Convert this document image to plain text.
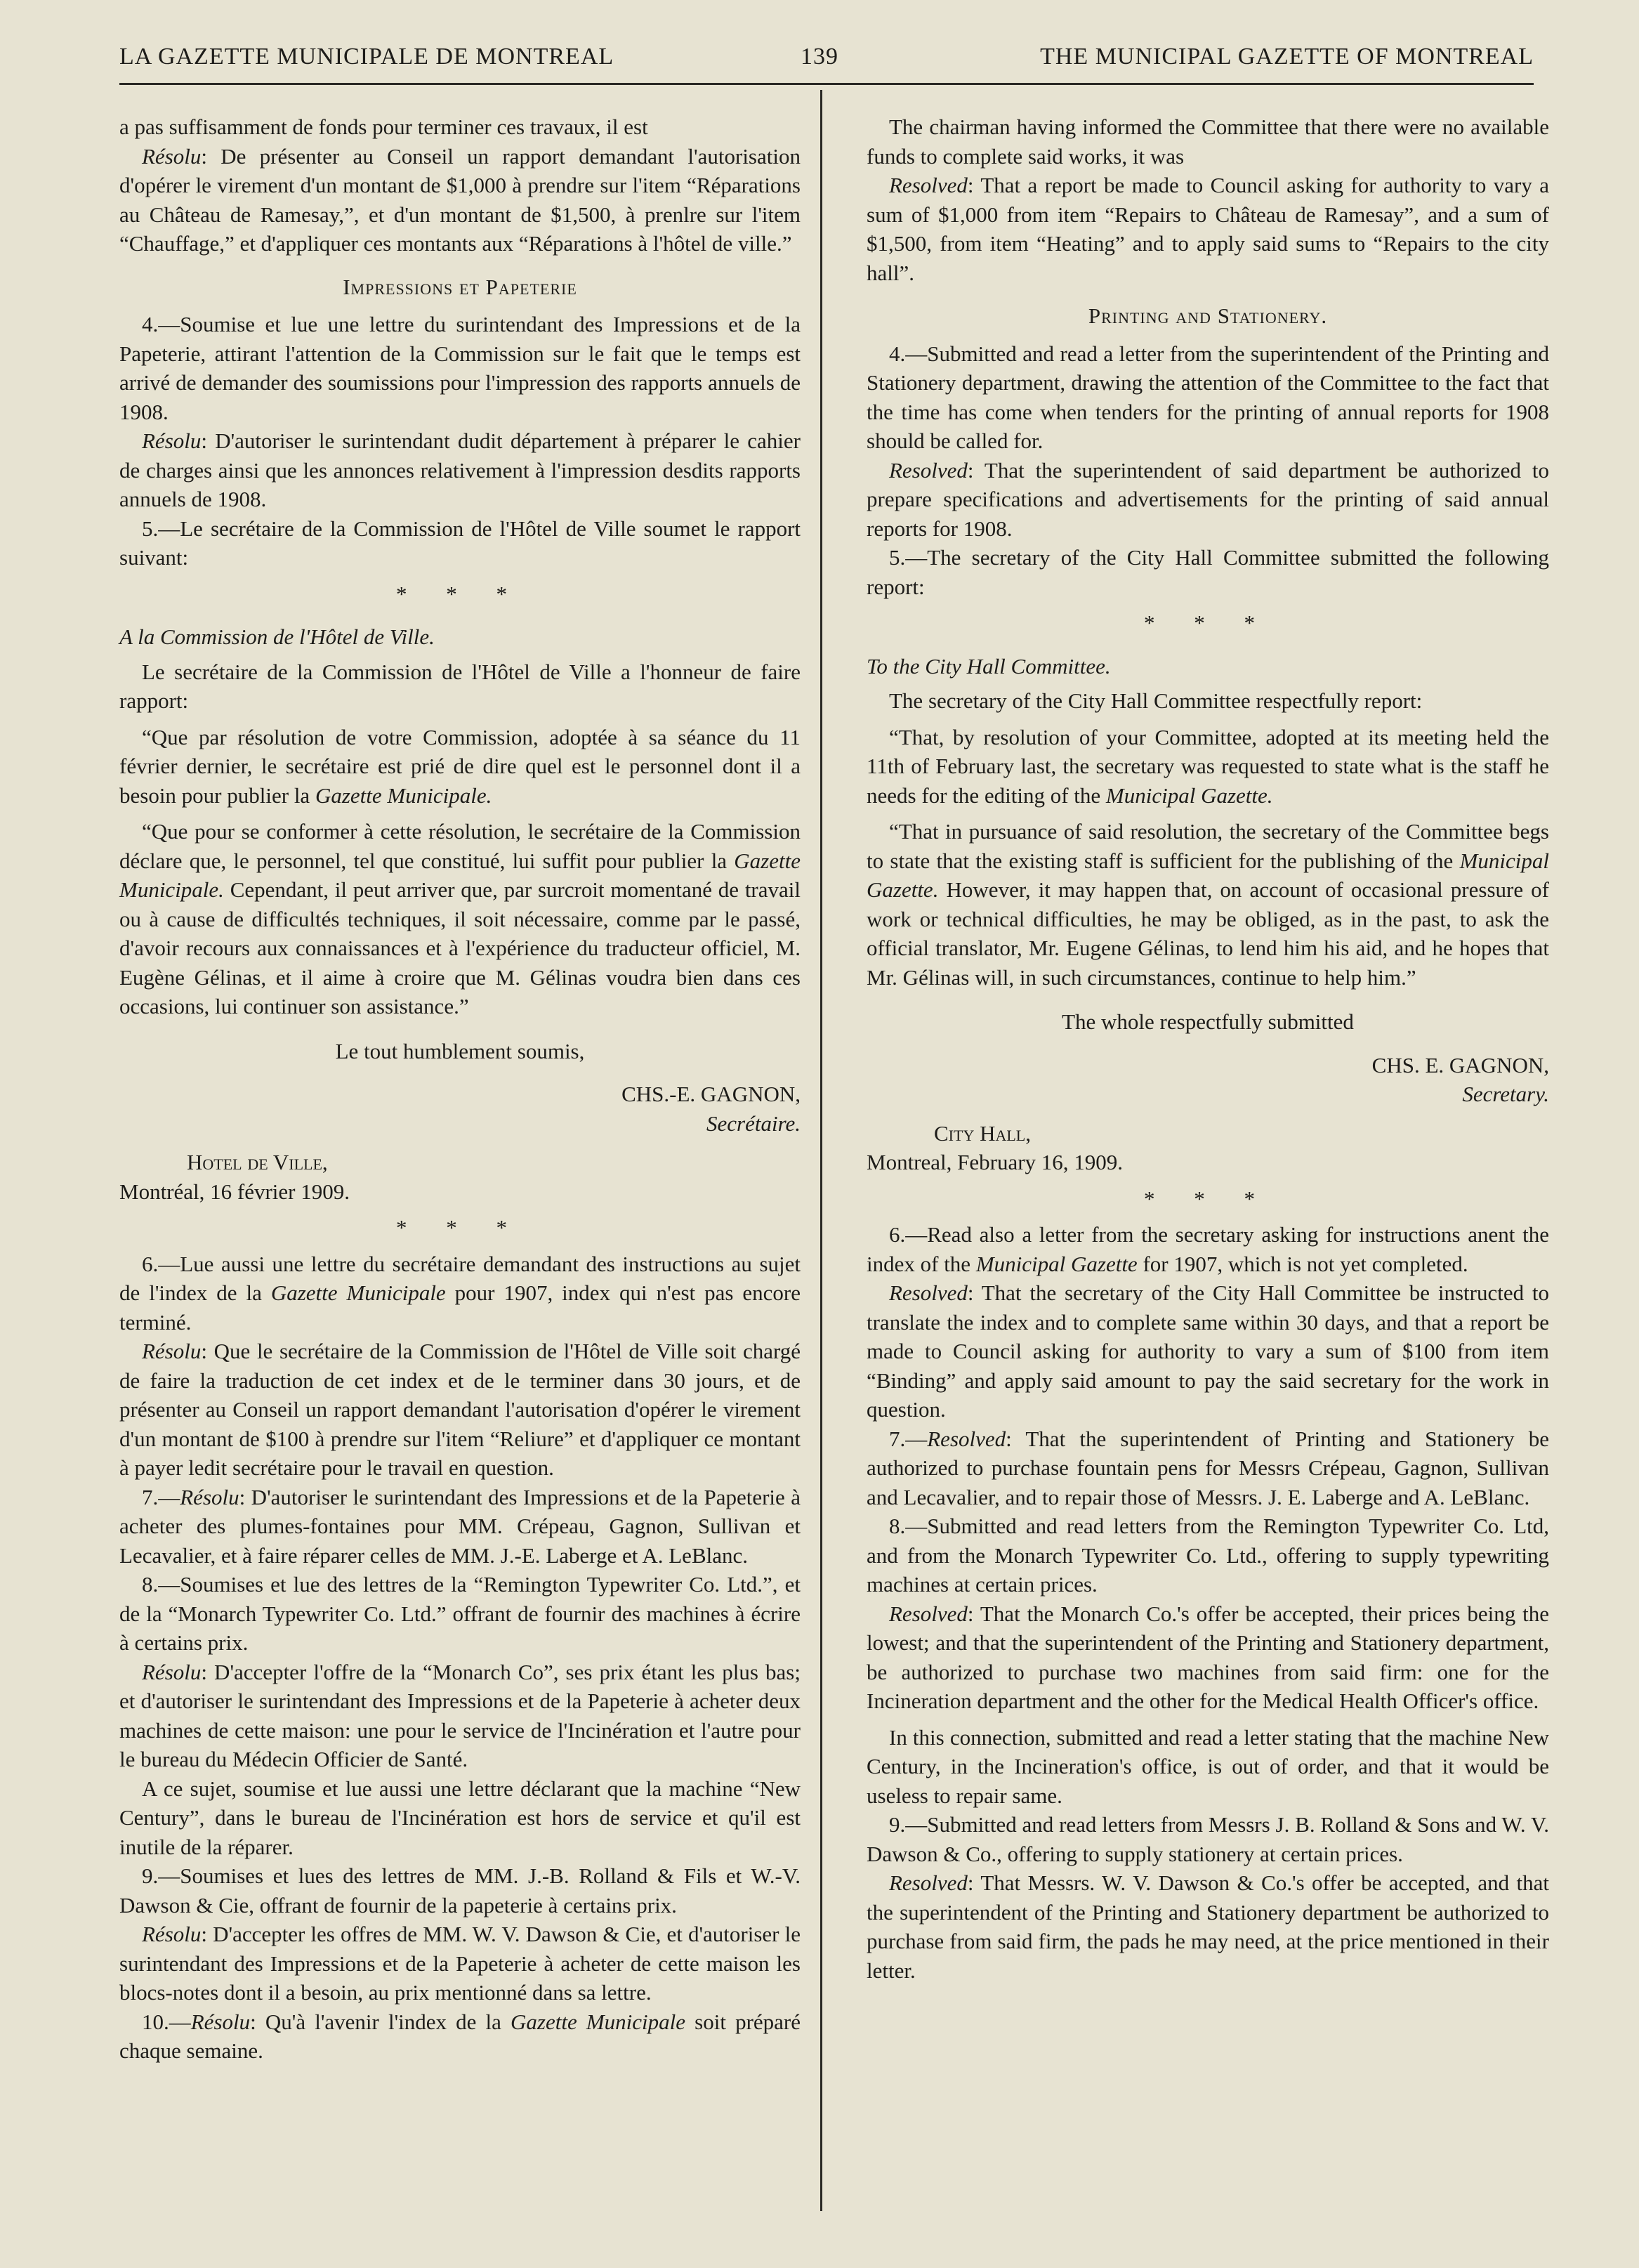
LA GAZETTE MUNICIPALE DE MONTREAL	139	THE MUNICIPAL GAZETTE OF MONTREAL

a pas suffisamment de fonds pour terminer ces travaux, il est

Résolu: De présenter au Conseil un rapport demandant l'autorisation d'opérer le virement d'un montant de $1,000 à prendre sur l'item “Réparations au Château de Ramesay,”, et d'un montant de $1,500, à prenlre sur l'item “Chauffage,” et d'appliquer ces montants aux “Réparations à l'hôtel de ville.”

Impressions et Papeterie

4.—Soumise et lue une lettre du surintendant des Impressions et de la Papeterie, attirant l'attention de la Commission sur le fait que le temps est arrivé de demander des soumissions pour l'impression des rapports annuels de 1908.

Résolu: D'autoriser le surintendant dudit département à préparer le cahier de charges ainsi que les annonces relativement à l'impression desdits rapports annuels de 1908.

5.—Le secrétaire de la Commission de l'Hôtel de Ville soumet le rapport suivant:

* * *

A la Commission de l'Hôtel de Ville.

Le secrétaire de la Commission de l'Hôtel de Ville a l'honneur de faire rapport:

“Que par résolution de votre Commission, adoptée à sa séance du 11 février dernier, le secrétaire est prié de dire quel est le personnel dont il a besoin pour publier la Gazette Municipale.

“Que pour se conformer à cette résolution, le secrétaire de la Commission déclare que, le personnel, tel que constitué, lui suffit pour publier la Gazette Municipale. Cependant, il peut arriver que, par surcroit momentané de travail ou à cause de difficultés techniques, il soit nécessaire, comme par le passé, d'avoir recours aux connaissances et à l'expérience du traducteur officiel, M. Eugène Gélinas, et il aime à croire que M. Gélinas voudra bien dans ces occasions, lui continuer son assistance.”

Le tout humblement soumis,

CHS.-E. GAGNON,

Secrétaire.

Hotel de Ville,

Montréal, 16 février 1909.

* * *

6.—Lue aussi une lettre du secrétaire demandant des instructions au sujet de l'index de la Gazette Municipale pour 1907, index qui n'est pas encore terminé.

Résolu: Que le secrétaire de la Commission de l'Hôtel de Ville soit chargé de faire la traduction de cet index et de le terminer dans 30 jours, et de présenter au Conseil un rapport demandant l'autorisation d'opérer le virement d'un montant de $100 à prendre sur l'item “Reliure” et d'appliquer ce montant à payer ledit secrétaire pour le travail en question.

7.—Résolu: D'autoriser le surintendant des Impressions et de la Papeterie à acheter des plumes-fontaines pour MM. Crépeau, Gagnon, Sullivan et Lecavalier, et à faire réparer celles de MM. J.-E. Laberge et A. LeBlanc.

8.—Soumises et lue des lettres de la “Remington Typewriter Co. Ltd.”, et de la “Monarch Typewriter Co. Ltd.” offrant de fournir des machines à écrire à certains prix.

Résolu: D'accepter l'offre de la “Monarch Co”, ses prix étant les plus bas; et d'autoriser le surintendant des Impressions et de la Papeterie à acheter deux machines de cette maison: une pour le service de l'Incinération et l'autre pour le bureau du Médecin Officier de Santé.

A ce sujet, soumise et lue aussi une lettre déclarant que la machine “New Century”, dans le bureau de l'Incinération est hors de service et qu'il est inutile de la réparer.

9.—Soumises et lues des lettres de MM. J.-B. Rolland & Fils et W.-V. Dawson & Cie, offrant de fournir de la papeterie à certains prix.

Résolu: D'accepter les offres de MM. W. V. Dawson & Cie, et d'autoriser le surintendant des Impressions et de la Papeterie à acheter de cette maison les blocs-notes dont il a besoin, au prix mentionné dans sa lettre.

10.—Résolu: Qu'à l'avenir l'index de la Gazette Municipale soit préparé chaque semaine.

The chairman having informed the Committee that there were no available funds to complete said works, it was

Resolved: That a report be made to Council asking for authority to vary a sum of $1,000 from item “Repairs to Château de Ramesay”, and a sum of $1,500, from item “Heating” and to apply said sums to “Repairs to the city hall”.

Printing and Stationery.

4.—Submitted and read a letter from the superintendent of the Printing and Stationery department, drawing the attention of the Committee to the fact that the time has come when tenders for the printing of annual reports for 1908 should be called for.

Resolved: That the superintendent of said department be authorized to prepare specifications and advertisements for the printing of said annual reports for 1908.

5.—The secretary of the City Hall Committee submitted the following report:

* * *

To the City Hall Committee.

The secretary of the City Hall Committee respectfully report:

“That, by resolution of your Committee, adopted at its meeting held the 11th of February last, the secretary was requested to state what is the staff he needs for the editing of the Municipal Gazette.

“That in pursuance of said resolution, the secretary of the Committee begs to state that the existing staff is sufficient for the publishing of the Municipal Gazette. However, it may happen that, on account of occasional pressure of work or technical difficulties, he may be obliged, as in the past, to ask the official translator, Mr. Eugene Gélinas, to lend him his aid, and he hopes that Mr. Gélinas will, in such circumstances, continue to help him.”

The whole respectfully submitted

CHS. E. GAGNON,

Secretary.

City Hall,

Montreal, February 16, 1909.

* * *

6.—Read also a letter from the secretary asking for instructions anent the index of the Municipal Gazette for 1907, which is not yet completed.

Resolved: That the secretary of the City Hall Committee be instructed to translate the index and to complete same within 30 days, and that a report be made to Council asking for authority to vary a sum of $100 from item “Binding” and apply said amount to pay the said secretary for the work in question.

7.—Resolved: That the superintendent of Printing and Stationery be authorized to purchase fountain pens for Messrs Crépeau, Gagnon, Sullivan and Lecavalier, and to repair those of Messrs. J. E. Laberge and A. LeBlanc.

8.—Submitted and read letters from the Remington Typewriter Co. Ltd, and from the Monarch Typewriter Co. Ltd., offering to supply typewriting machines at certain prices.

Resolved: That the Monarch Co.'s offer be accepted, their prices being the lowest; and that the superintendent of the Printing and Stationery department, be authorized to purchase two machines from said firm: one for the Incineration department and the other for the Medical Health Officer's office.

In this connection, submitted and read a letter stating that the machine New Century, in the Incineration's office, is out of order, and that it would be useless to repair same.

9.—Submitted and read letters from Messrs J. B. Rolland & Sons and W. V. Dawson & Co., offering to supply stationery at certain prices.

Resolved: That Messrs. W. V. Dawson & Co.'s offer be accepted, and that the superintendent of the Printing and Stationery department be authorized to purchase from said firm, the pads he may need, at the price mentioned in their letter.
